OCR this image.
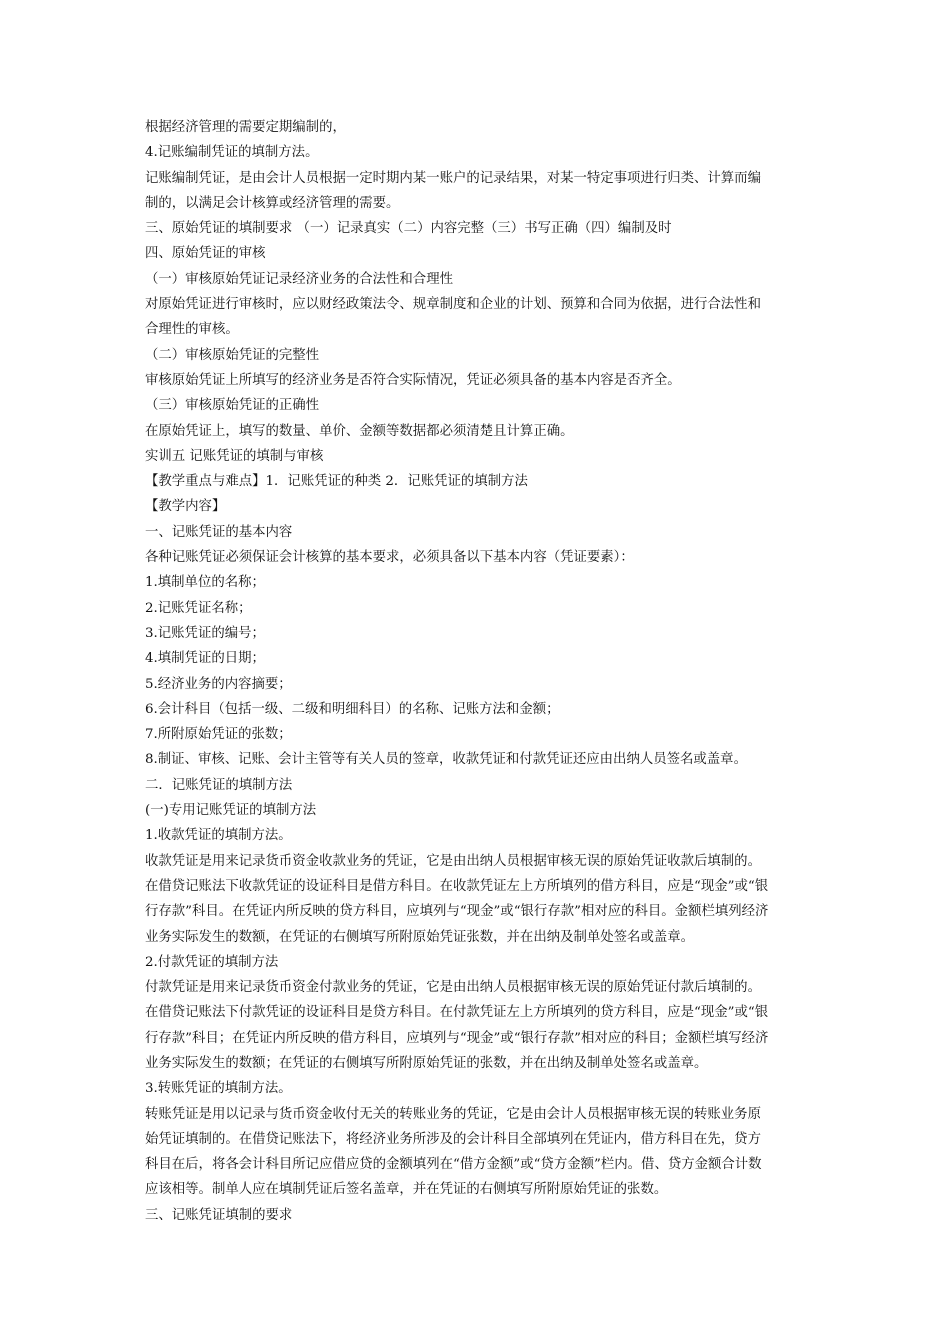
根据经济管理的需要定期编制的，
4.记账编制凭证的填制方法。
记账编制凭证，是由会计人员根据一定时期内某一账户的记录结果，对某一特定事项进行归类、计算而编
制的，以满足会计核算或经济管理的需要。
三、原始凭证的填制要求 （一）记录真实（二）内容完整（三）书写正确（四）编制及时
四、原始凭证的审核
（一）审核原始凭证记录经济业务的合法性和合理性
对原始凭证进行审核时，应以财经政策法令、规章制度和企业的计划、预算和合同为依据，进行合法性和
合理性的审核。
（二）审核原始凭证的完整性
审核原始凭证上所填写的经济业务是否符合实际情况，凭证必须具备的基本内容是否齐全。
（三）审核原始凭证的正确性
在原始凭证上，填写的数量、单价、金额等数据都必须清楚且计算正确。
实训五 记账凭证的填制与审核
【教学重点与难点】1．记账凭证的种类 2．记账凭证的填制方法
【教学内容】
一、记账凭证的基本内容
各种记账凭证必须保证会计核算的基本要求，必须具备以下基本内容（凭证要素）：
1.填制单位的名称；
2.记账凭证名称；
3.记账凭证的编号；
4.填制凭证的日期；
5.经济业务的内容摘要；
6.会计科目（包括一级、二级和明细科目）的名称、记账方法和金额；
7.所附原始凭证的张数；
8.制证、审核、记账、会计主管等有关人员的签章，收款凭证和付款凭证还应由出纳人员签名或盖章。
二．记账凭证的填制方法
(一)专用记账凭证的填制方法
1.收款凭证的填制方法。
收款凭证是用来记录货币资金收款业务的凭证，它是由出纳人员根据审核无误的原始凭证收款后填制的。
在借贷记账法下收款凭证的设证科目是借方科目。在收款凭证左上方所填列的借方科目，应是“现金”或“银
行存款”科目。在凭证内所反映的贷方科目，应填列与“现金”或“银行存款”相对应的科目。金额栏填列经济
业务实际发生的数额，在凭证的右侧填写所附原始凭证张数，并在出纳及制单处签名或盖章。
2.付款凭证的填制方法
付款凭证是用来记录货币资金付款业务的凭证，它是由出纳人员根据审核无误的原始凭证付款后填制的。
在借贷记账法下付款凭证的设证科目是贷方科目。在付款凭证左上方所填列的贷方科目，应是“现金”或“银
行存款”科目；在凭证内所反映的借方科目，应填列与“现金”或“银行存款”相对应的科目；金额栏填写经济
业务实际发生的数额；在凭证的右侧填写所附原始凭证的张数，并在出纳及制单处签名或盖章。
3.转账凭证的填制方法。
转账凭证是用以记录与货币资金收付无关的转账业务的凭证，它是由会计人员根据审核无误的转账业务原
始凭证填制的。在借贷记账法下，将经济业务所涉及的会计科目全部填列在凭证内，借方科目在先，贷方
科目在后，将各会计科目所记应借应贷的金额填列在“借方金额”或“贷方金额”栏内。借、贷方金额合计数
应该相等。制单人应在填制凭证后签名盖章，并在凭证的右侧填写所附原始凭证的张数。
三、记账凭证填制的要求
